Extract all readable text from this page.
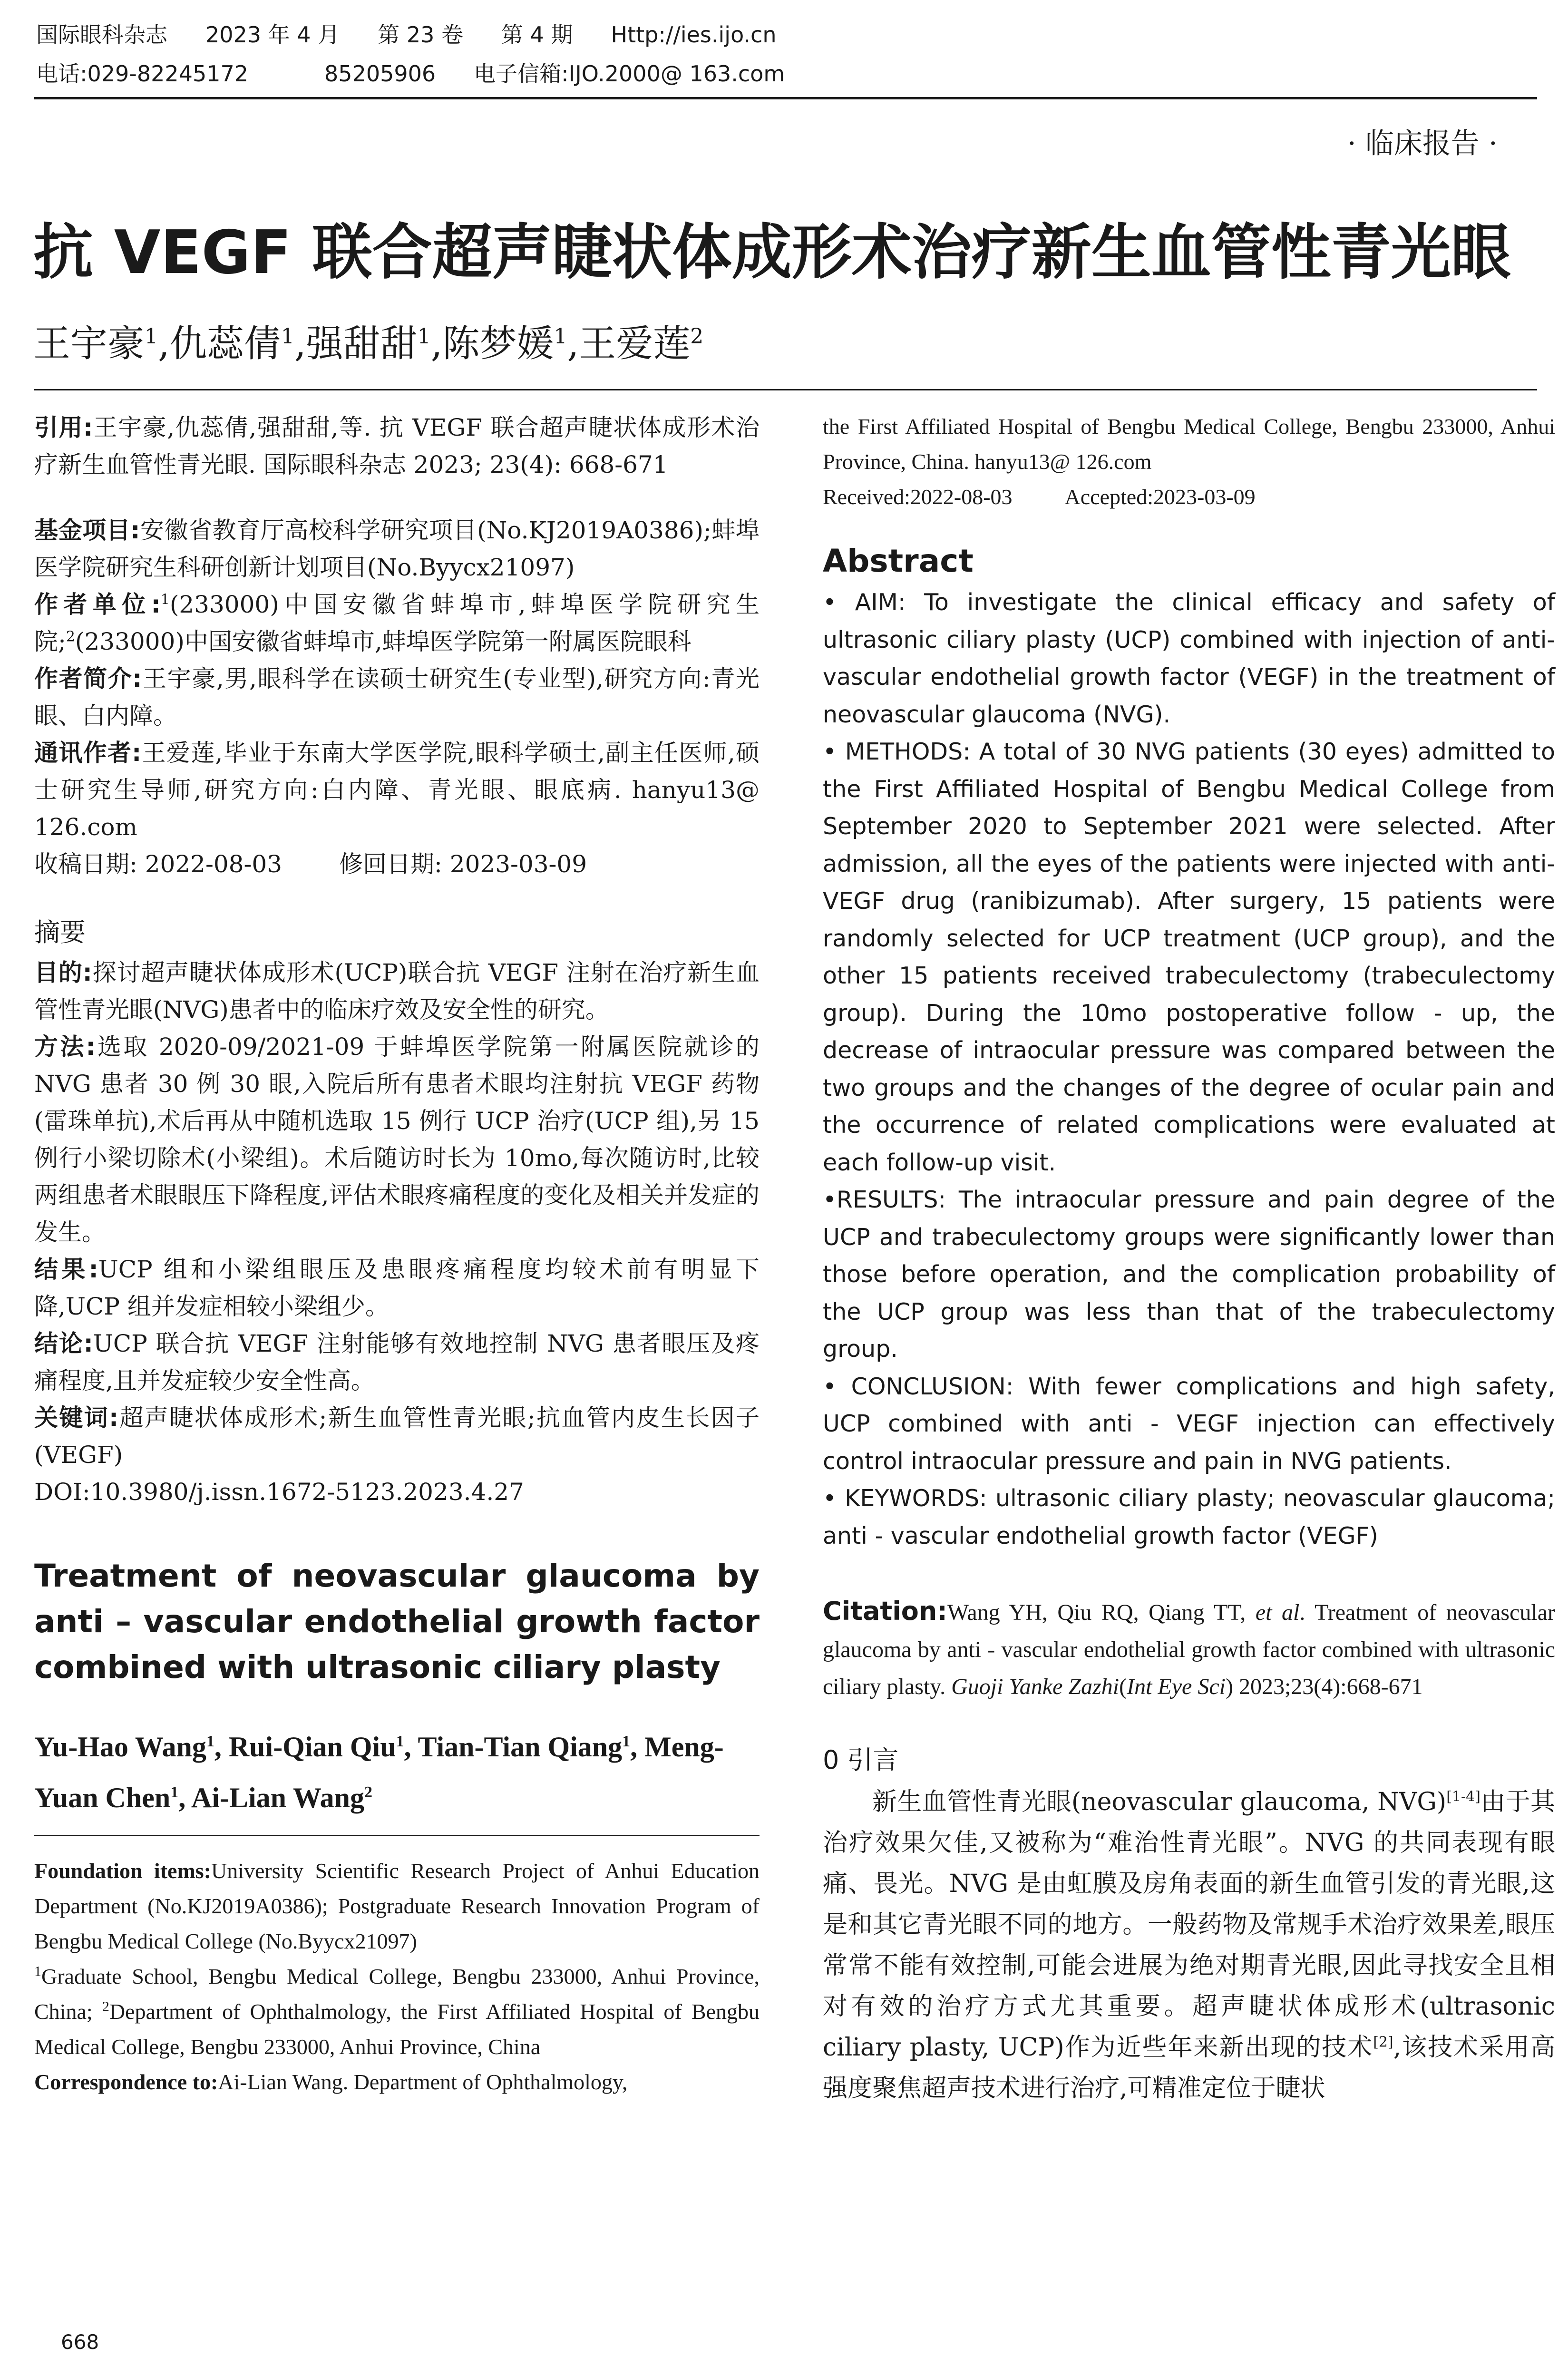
国际眼科杂志 2023 年 4 月 第 23 卷 第 4 期 Http://ies.ijo.cn
电话:029-82245172	85205906 电子信箱:IJO.2000@ 163.com
· 临床报告 ·
抗 VEGF 联合超声睫状体成形术治疗新生血管性青光眼
王宇豪$^1$,仇蕊倩$^1$,强甜甜$^1$,陈梦媛$^1$,王爱莲$^2$

引用:王宇豪,仇蕊倩,强甜甜,等. 抗 VEGF 联合超声睫状体成形术治疗新生血管性青光眼. 国际眼科杂志 2023; 23(4): 668-671

基金项目:安徽省教育厅高校科学研究项目(No.KJ2019A0386);蚌埠医学院研究生科研创新计划项目(No.Byycx21097)

作者单位:$^1$(233000)中国安徽省蚌埠市,蚌埠医学院研究生院;$^2$(233000)中国安徽省蚌埠市,蚌埠医学院第一附属医院眼科

作者简介:王宇豪,男,眼科学在读硕士研究生(专业型),研究方向:青光眼、白内障。

通讯作者:王爱莲,毕业于东南大学医学院,眼科学硕士,副主任医师,硕士研究生导师,研究方向:白内障、青光眼、眼底病. hanyu13@ 126.com

收稿日期: 2022-08-03 修回日期: 2023-03-09

摘要

目的:探讨超声睫状体成形术(UCP)联合抗 VEGF 注射在治疗新生血管性青光眼(NVG)患者中的临床疗效及安全性的研究。

方法:选取 2020-09/2021-09 于蚌埠医学院第一附属医院就诊的 NVG 患者 30 例 30 眼,入院后所有患者术眼均注射抗 VEGF 药物(雷珠单抗),术后再从中随机选取 15 例行 UCP 治疗(UCP 组),另 15 例行小梁切除术(小梁组)。术后随访时长为 10mo,每次随访时,比较两组患者术眼眼压下降程度,评估术眼疼痛程度的变化及相关并发症的发生。

结果:UCP 组和小梁组眼压及患眼疼痛程度均较术前有明显下降,UCP 组并发症相较小梁组少。

结论:UCP 联合抗 VEGF 注射能够有效地控制 NVG 患者眼压及疼痛程度,且并发症较少安全性高。

关键词:超声睫状体成形术;新生血管性青光眼;抗血管内皮生长因子(VEGF)

DOI:10.3980/j.issn.1672-5123.2023.4.27

Treatment of neovascular glaucoma by anti – vascular endothelial growth factor combined with ultrasonic ciliary plasty

Yu-Hao Wang$^1$, Rui-Qian Qiu$^1$, Tian-Tian Qiang$^1$, Meng-Yuan Chen$^1$, Ai-Lian Wang$^2$

Foundation items:University Scientific Research Project of Anhui Education Department (No.KJ2019A0386); Postgraduate Research Innovation Program of Bengbu Medical College (No.Byycx21097)

$^1$Graduate School, Bengbu Medical College, Bengbu 233000, Anhui Province, China; $^2$Department of Ophthalmology, the First Affiliated Hospital of Bengbu Medical College, Bengbu 233000, Anhui Province, China

Correspondence to:Ai-Lian Wang. Department of Ophthalmology,

the First Affiliated Hospital of Bengbu Medical College, Bengbu 233000, Anhui Province, China. hanyu13@ 126.com

Received:2022-08-03 Accepted:2023-03-09

Abstract

• AIM: To investigate the clinical efficacy and safety of ultrasonic ciliary plasty (UCP) combined with injection of anti-vascular endothelial growth factor (VEGF) in the treatment of neovascular glaucoma (NVG).

• METHODS: A total of 30 NVG patients (30 eyes) admitted to the First Affiliated Hospital of Bengbu Medical College from September 2020 to September 2021 were selected. After admission, all the eyes of the patients were injected with anti-VEGF drug (ranibizumab). After surgery, 15 patients were randomly selected for UCP treatment (UCP group), and the other 15 patients received trabeculectomy (trabeculectomy group). During the 10mo postoperative follow - up, the decrease of intraocular pressure was compared between the two groups and the changes of the degree of ocular pain and the occurrence of related complications were evaluated at each follow-up visit.

•RESULTS: The intraocular pressure and pain degree of the UCP and trabeculectomy groups were significantly lower than those before operation, and the complication probability of the UCP group was less than that of the trabeculectomy group.

• CONCLUSION: With fewer complications and high safety, UCP combined with anti - VEGF injection can effectively control intraocular pressure and pain in NVG patients.

• KEYWORDS: ultrasonic ciliary plasty; neovascular glaucoma; anti - vascular endothelial growth factor (VEGF)

Citation:Wang YH, Qiu RQ, Qiang TT, et al. Treatment of neovascular glaucoma by anti - vascular endothelial growth factor combined with ultrasonic ciliary plasty. Guoji Yanke Zazhi(Int Eye Sci) 2023;23(4):668-671

0 引言

新生血管性青光眼(neovascular glaucoma, NVG)[1-4]由于其治疗效果欠佳,又被称为“难治性青光眼”。NVG 的共同表现有眼痛、畏光。NVG 是由虹膜及房角表面的新生血管引发的青光眼,这是和其它青光眼不同的地方。一般药物及常规手术治疗效果差,眼压常常不能有效控制,可能会进展为绝对期青光眼,因此寻找安全且相对有效的治疗方式尤其重要。超声睫状体成形术(ultrasonic ciliary plasty, UCP)作为近些年来新出现的技术[2],该技术采用高强度聚焦超声技术进行治疗,可精准定位于睫状

668
